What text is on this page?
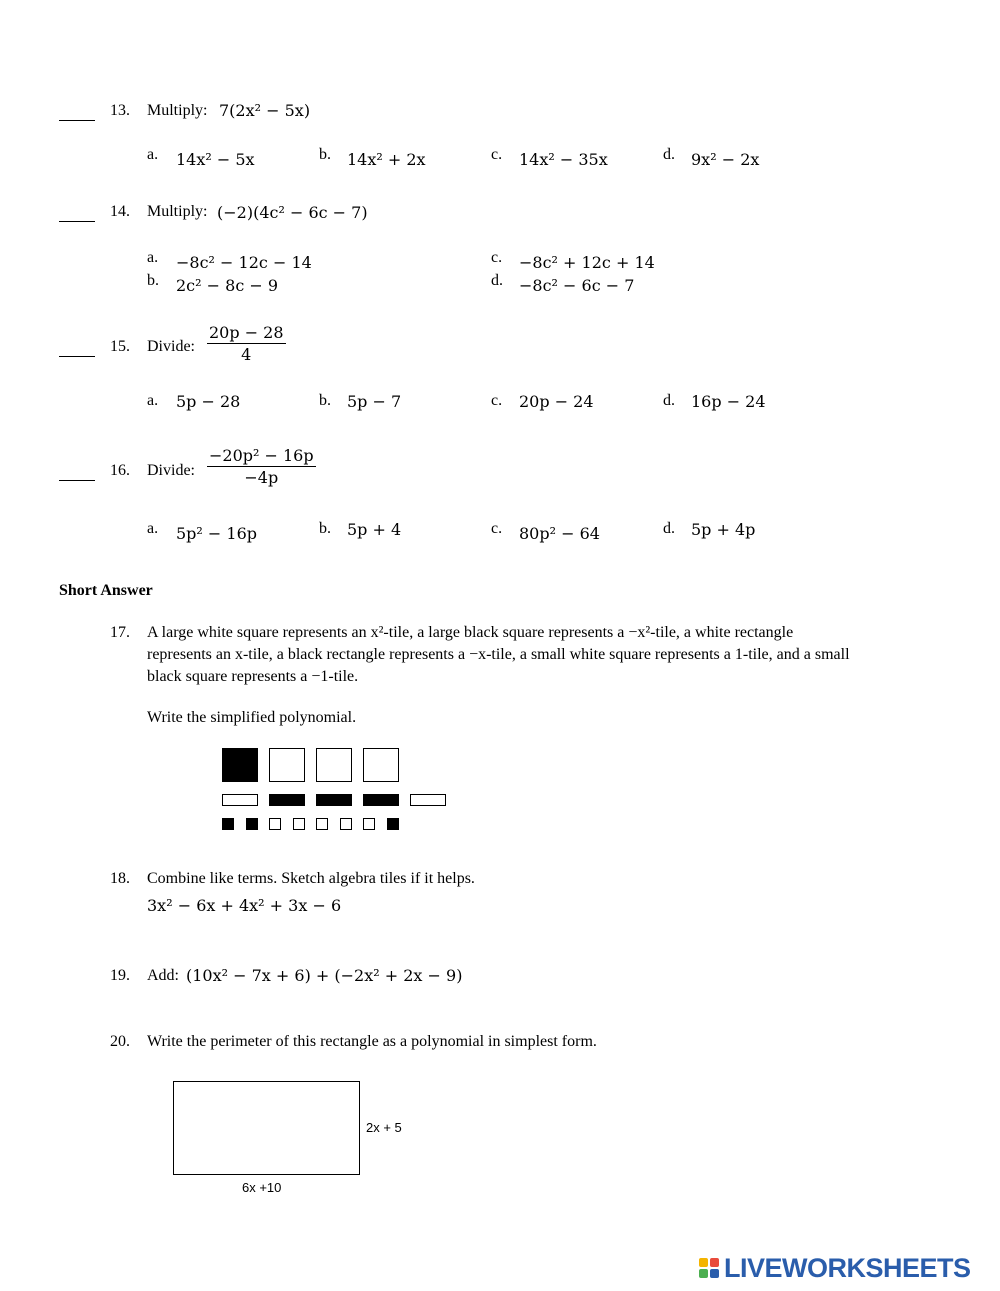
13. Multiply: 7(2x² − 5x)
a. 14x² − 5x	b. 14x² + 2x	c. 14x² − 35x	d. 9x² − 2x
14. Multiply: (−2)(4c² − 6c − 7)
a. −8c² − 12c − 14
b. 2c² − 8c − 9
c. −8c² + 12c + 14
d. −8c² − 6c − 7
15. Divide: $\frac{20p - 28}{4}$
a. 5p − 28	b. 5p − 7	c. 20p − 24	d. 16p − 24
16. Divide: $\frac{\text{−20p² − 16p}}{-4p}$
a. 5p² − 16p	b. 5p + 4	c. 80p² − 64	d. 5p + 4p
Short Answer
17. A large white square represents an x²-tile, a large black square represents a −x²-tile, a white rectangle
represents an x-tile, a black rectangle represents a −x-tile, a small white square represents a 1-tile, and a small
black square represents a −1-tile.
Write the simplified polynomial.
18. Combine like terms. Sketch algebra tiles if it helps.
3x² − 6x + 4x² + 3x − 6
19. Add: (10x² − 7x + 6) + (−2x² + 2x − 9)
20. Write the perimeter of this rectangle as a polynomial in simplest form.
2x + 5
6x +10
LIVEWORKSHEETS
